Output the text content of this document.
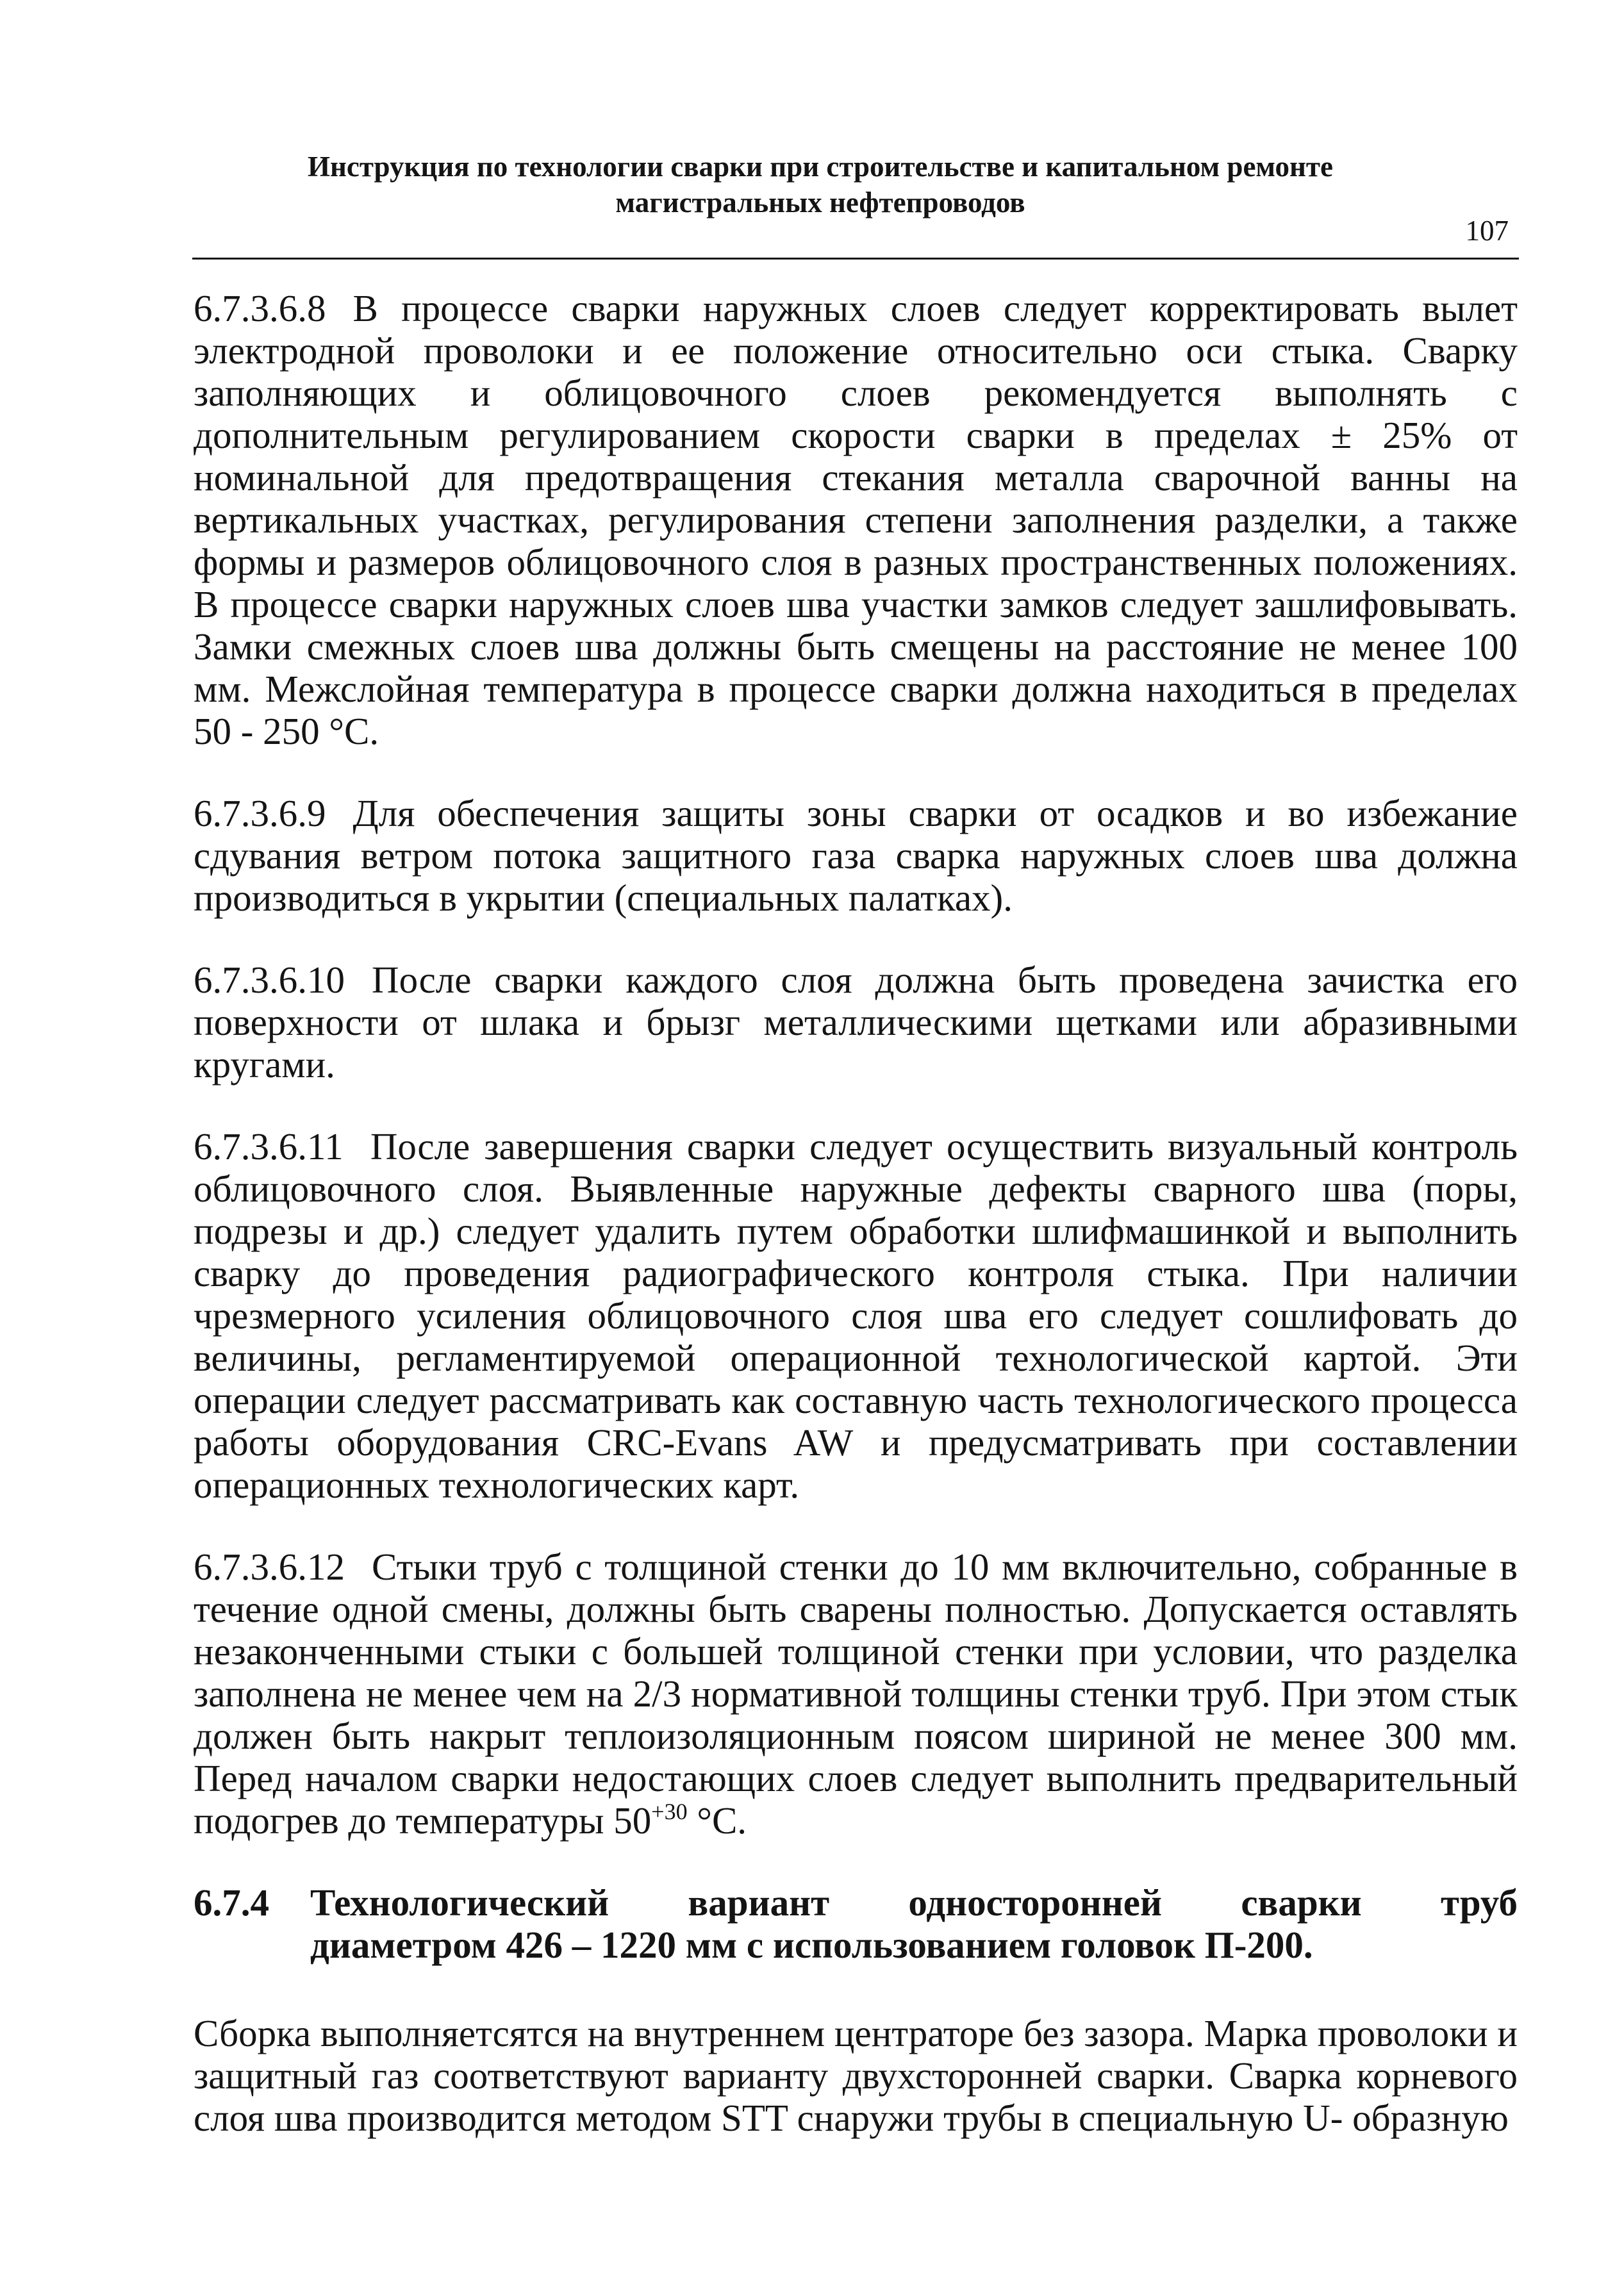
Инструкция по технологии сварки при строительстве и капитальном ремонте
магистральных нефтепроводов
107

6.7.3.6.8 В процессе сварки наружных слоев следует корректировать вылет электродной проволоки и ее положение относительно оси стыка. Сварку заполняющих и облицовочного слоев рекомендуется выполнять с дополнительным регулированием скорости сварки в пределах ± 25% от номинальной для предотвращения стекания металла сварочной ванны на вертикальных участках, регулирования степени заполнения разделки, а также формы и размеров облицовочного слоя в разных пространственных положениях. В процессе сварки наружных слоев шва участки замков следует зашлифовывать. Замки смежных слоев шва должны быть смещены на расстояние не менее 100 мм. Межслойная температура в процессе сварки должна находиться в пределах 50 - 250 °С.

6.7.3.6.9 Для обеспечения защиты зоны сварки от осадков и во избежание сдувания ветром потока защитного газа сварка наружных слоев шва должна производиться в укрытии (специальных палатках).

6.7.3.6.10 После сварки каждого слоя должна быть проведена зачистка его поверхности от шлака и брызг металлическими щетками или абразивными кругами.

6.7.3.6.11 После завершения сварки следует осуществить визуальный контроль облицовочного слоя. Выявленные наружные дефекты сварного шва (поры, подрезы и др.) следует удалить путем обработки шлифмашинкой и выполнить сварку до проведения радиографического контроля стыка. При наличии чрезмерного усиления облицовочного слоя шва его следует сошлифовать до величины, регламентируемой операционной технологической картой. Эти операции следует рассматривать как составную часть технологического процесса работы оборудования CRC-Evans AW и предусматривать при составлении операционных технологических карт.

6.7.3.6.12 Стыки труб с толщиной стенки до 10 мм включительно, собранные в течение одной смены, должны быть сварены полностью. Допускается оставлять незаконченными стыки с большей толщиной стенки при условии, что разделка заполнена не менее чем на 2/3 нормативной толщины стенки труб. При этом стык должен быть накрыт теплоизоляционным поясом шириной не менее 300 мм. Перед началом сварки недостающих слоев следует выполнить предварительный подогрев до температуры $50^{+30}$ °С.

6.7.4 Технологический вариант односторонней сварки труб
диаметром 426 – 1220 мм с использованием головок П-200.

Сборка выполняетсятся на внутреннем центраторе без зазора. Марка проволоки и защитный газ соответствуют варианту двухсторонней сварки. Сварка корневого слоя шва производится методом STT снаружи трубы в специальную U- образную
